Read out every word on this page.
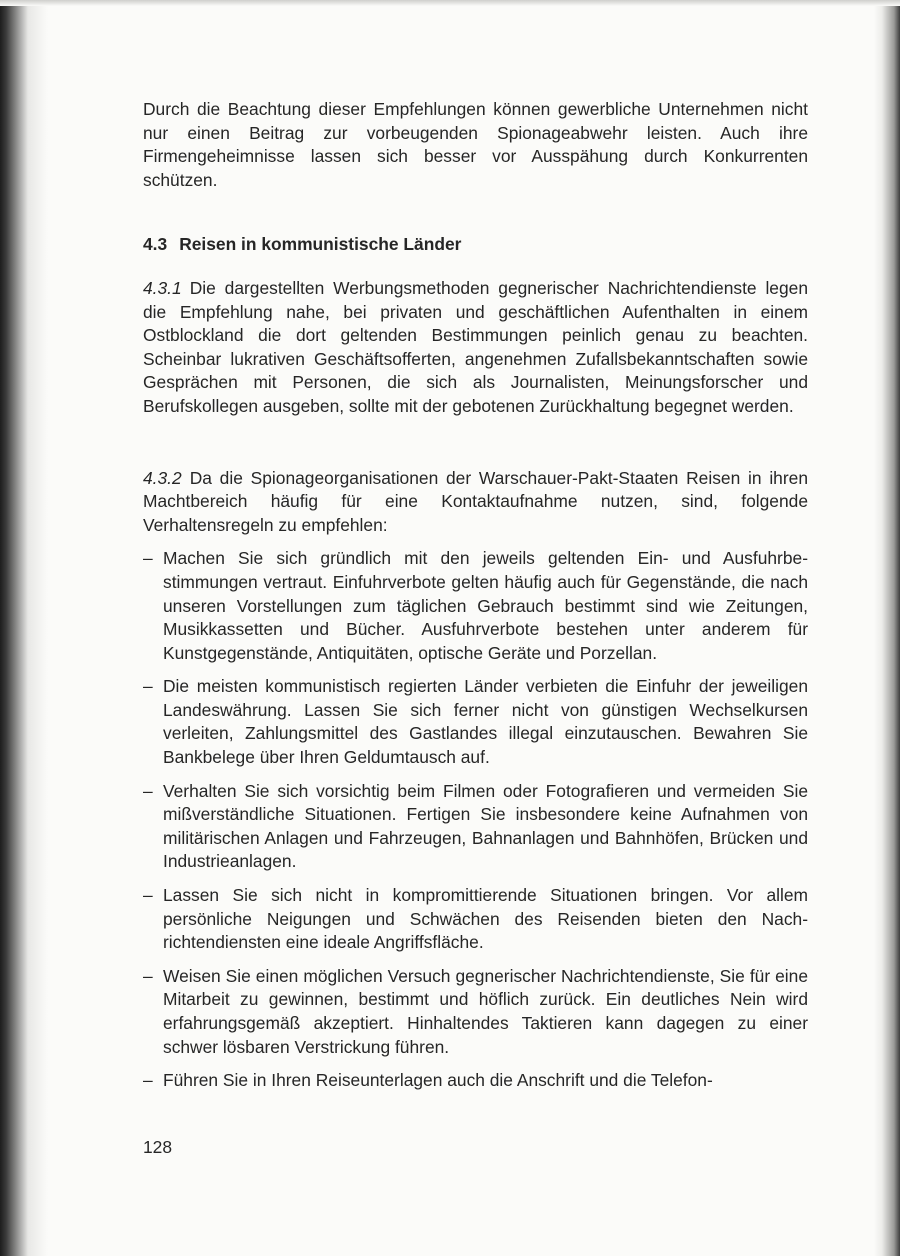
Durch die Beachtung dieser Empfehlungen können gewerbliche Unternehmen nicht nur einen Beitrag zur vorbeugenden Spionageabwehr leisten. Auch ihre Firmengeheimnisse lassen sich besser vor Ausspähung durch Konkurrenten schützen.

4.3 Reisen in kommunistische Länder

4.3.1 Die dargestellten Werbungsmethoden gegnerischer Nachrichtendienste legen die Empfehlung nahe, bei privaten und geschäftlichen Aufenthalten in einem Ostblockland die dort geltenden Bestimmungen peinlich genau zu beachten. Scheinbar lukrativen Geschäftsofferten, angenehmen Zufallsbekanntschaften sowie Gesprächen mit Personen, die sich als Journalisten, Meinungsforscher und Berufskollegen ausgeben, sollte mit der gebotenen Zurückhaltung begegnet werden.

4.3.2 Da die Spionageorganisationen der Warschauer-Pakt-Staaten Reisen in ihren Machtbereich häufig für eine Kontaktaufnahme nutzen, sind, folgende Verhaltensregeln zu empfehlen:

– Machen Sie sich gründlich mit den jeweils geltenden Ein- und Ausfuhrbestimmungen vertraut. Einfuhrverbote gelten häufig auch für Gegenstände, die nach unseren Vorstellungen zum täglichen Gebrauch bestimmt sind wie Zeitungen, Musikkassetten und Bücher. Ausfuhrverbote bestehen unter anderem für Kunstgegenstände, Antiquitäten, optische Geräte und Porzellan.
– Die meisten kommunistisch regierten Länder verbieten die Einfuhr der jeweiligen Landeswährung. Lassen Sie sich ferner nicht von günstigen Wechselkursen verleiten, Zahlungsmittel des Gastlandes illegal einzutauschen. Bewahren Sie Bankbelege über Ihren Geldumtausch auf.
– Verhalten Sie sich vorsichtig beim Filmen oder Fotografieren und vermeiden Sie mißverständliche Situationen. Fertigen Sie insbesondere keine Aufnahmen von militärischen Anlagen und Fahrzeugen, Bahnanlagen und Bahnhöfen, Brücken und Industrieanlagen.
– Lassen Sie sich nicht in kompromittierende Situationen bringen. Vor allem persönliche Neigungen und Schwächen des Reisenden bieten den Nachrichtendiensten eine ideale Angriffsfläche.
– Weisen Sie einen möglichen Versuch gegnerischer Nachrichtendienste, Sie für eine Mitarbeit zu gewinnen, bestimmt und höflich zurück. Ein deutliches Nein wird erfahrungsgemäß akzeptiert. Hinhaltendes Taktieren kann dagegen zu einer schwer lösbaren Verstrickung führen.
– Führen Sie in Ihren Reiseunterlagen auch die Anschrift und die Telefon-
128
